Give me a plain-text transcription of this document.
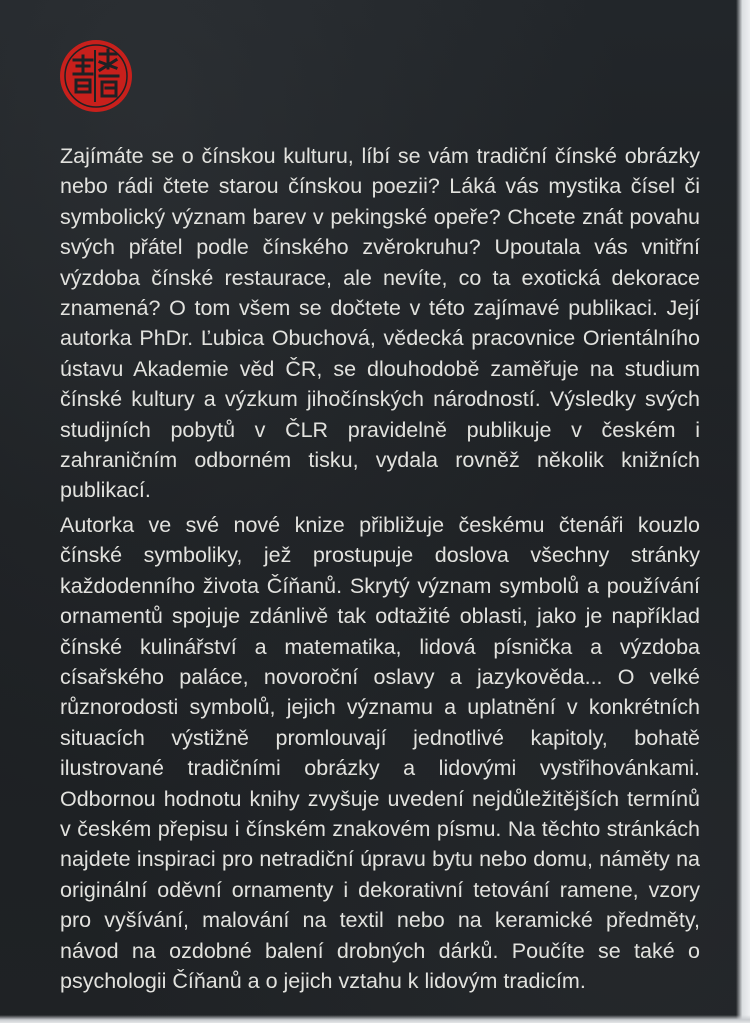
Zajímáte se o čínskou kulturu, líbí se vám tradiční čínské obrázky nebo rádi čtete starou čínskou poezii? Láká vás mystika čísel či symbolický význam barev v pekingské opeře? Chcete znát povahu svých přátel podle čínského zvěrokruhu? Upoutala vás vnitřní výzdoba čínské restaurace, ale nevíte, co ta exotická dekorace znamená? O tom všem se dočtete v této zajímavé publikaci. Její autorka PhDr. Ľubica Obuchová, vědecká pracovnice Orientálního ústavu Akademie věd ČR, se dlouhodobě zaměřuje na studium čínské kultury a výzkum jihočínských národností. Výsledky svých studijních pobytů v ČLR pravidelně publikuje v českém i zahraničním odborném tisku, vydala rovněž několik knižních publikací.

Autorka ve své nové knize přibližuje českému čtenáři kouzlo čínské symboliky, jež prostupuje doslova všechny stránky každodenního života Číňanů. Skrytý význam symbolů a používání ornamentů spojuje zdánlivě tak odtažité oblasti, jako je například čínské kulinářství a matematika, lidová písnička a výzdoba císařského paláce, novoroční oslavy a jazykověda... O velké různorodosti symbolů, jejich významu a uplatnění v konkrétních situacích výstižně promlouvají jednotlivé kapitoly, bohatě ilustrované tradičními obrázky a lidovými vystřihovánkami. Odbornou hodnotu knihy zvyšuje uvedení nejdůležitějších termínů v českém přepisu i čínském znakovém písmu. Na těchto stránkách najdete inspiraci pro netradiční úpravu bytu nebo domu, náměty na originální oděvní ornamenty i dekorativní tetování ramene, vzory pro vyšívání, malování na textil nebo na keramické předměty, návod na ozdobné balení drobných dárků. Poučíte se také o psychologii Číňanů a o jejich vztahu k lidovým tradicím.
